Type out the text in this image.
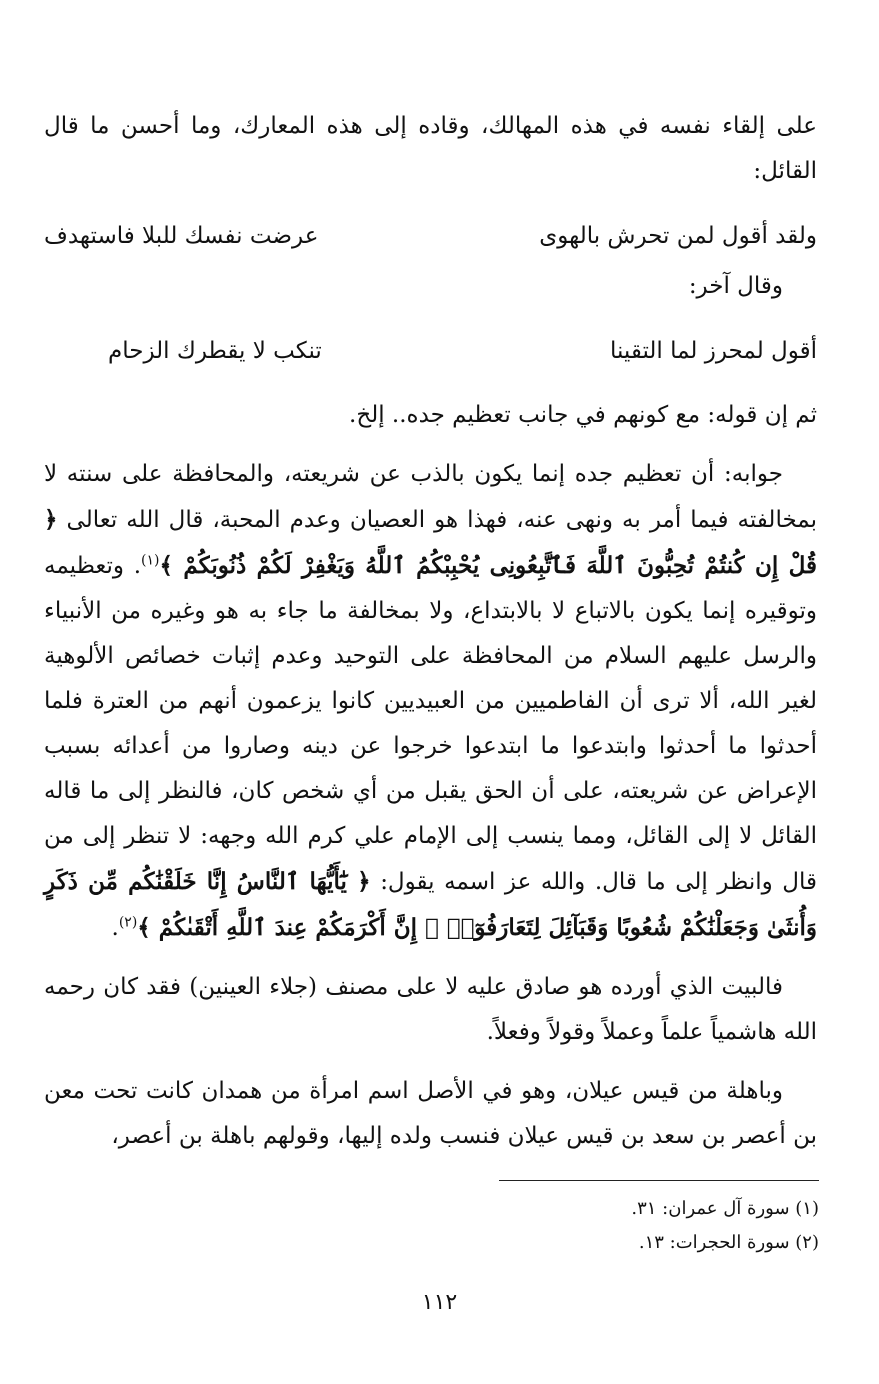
على إلقاء نفسه في هذه المهالك، وقاده إلى هذه المعارك، وما أحسن ما قال القائل:

ولقد أقول لمن تحرش بالهوى
عرضت نفسك للبلا فاستهدف

وقال آخر:

أقول لمحرز لما التقينا
تنكب لا يقطرك الزحام

ثم إن قوله: مع كونهم في جانب تعظيم جده.. إلخ.

جوابه: أن تعظيم جده إنما يكون بالذب عن شريعته، والمحافظة على سنته لا بمخالفته فيما أمر به ونهى عنه، فهذا هو العصيان وعدم المحبة، قال الله تعالى ﴿ قُلْ إِن كُنتُمْ تُحِبُّونَ ٱللَّهَ فَٱتَّبِعُونِى يُحْبِبْكُمُ ٱللَّهُ وَيَغْفِرْ لَكُمْ ذُنُوبَكُمْ ﴾$^{(١)}$. وتعظيمه وتوقيره إنما يكون بالاتباع لا بالابتداع، ولا بمخالفة ما جاء به هو وغيره من الأنبياء والرسل عليهم السلام من المحافظة على التوحيد وعدم إثبات خصائص الألوهية لغير الله، ألا ترى أن الفاطميين من العبيديين كانوا يزعمون أنهم من العترة فلما أحدثوا ما أحدثوا وابتدعوا ما ابتدعوا خرجوا عن دينه وصاروا من أعدائه بسبب الإعراض عن شريعته، على أن الحق يقبل من أي شخص كان، فالنظر إلى ما قاله القائل لا إلى القائل، ومما ينسب إلى الإمام علي كرم الله وجهه: لا تنظر إلى من قال وانظر إلى ما قال. والله عز اسمه يقول: ﴿ يَٰٓأَيُّهَا ٱلنَّاسُ إِنَّا خَلَقْنَٰكُم مِّن ذَكَرٍ وَأُنثَىٰ وَجَعَلْنَٰكُمْ شُعُوبًا وَقَبَآئِلَ لِتَعَارَفُوٓا۟ ۚ إِنَّ أَكْرَمَكُمْ عِندَ ٱللَّهِ أَتْقَىٰكُمْ ﴾$^{(٢)}$.

فالبيت الذي أورده هو صادق عليه لا على مصنف (جلاء العينين) فقد كان رحمه الله هاشمياً علماً وعملاً وقولاً وفعلاً.

وباهلة من قيس عيلان، وهو في الأصل اسم امرأة من همدان كانت تحت معن بن أعصر بن سعد بن قيس عيلان فنسب ولده إليها، وقولهم باهلة بن أعصر،

(١) سورة آل عمران: ٣١.

(٢) سورة الحجرات: ١٣.

١١٢
